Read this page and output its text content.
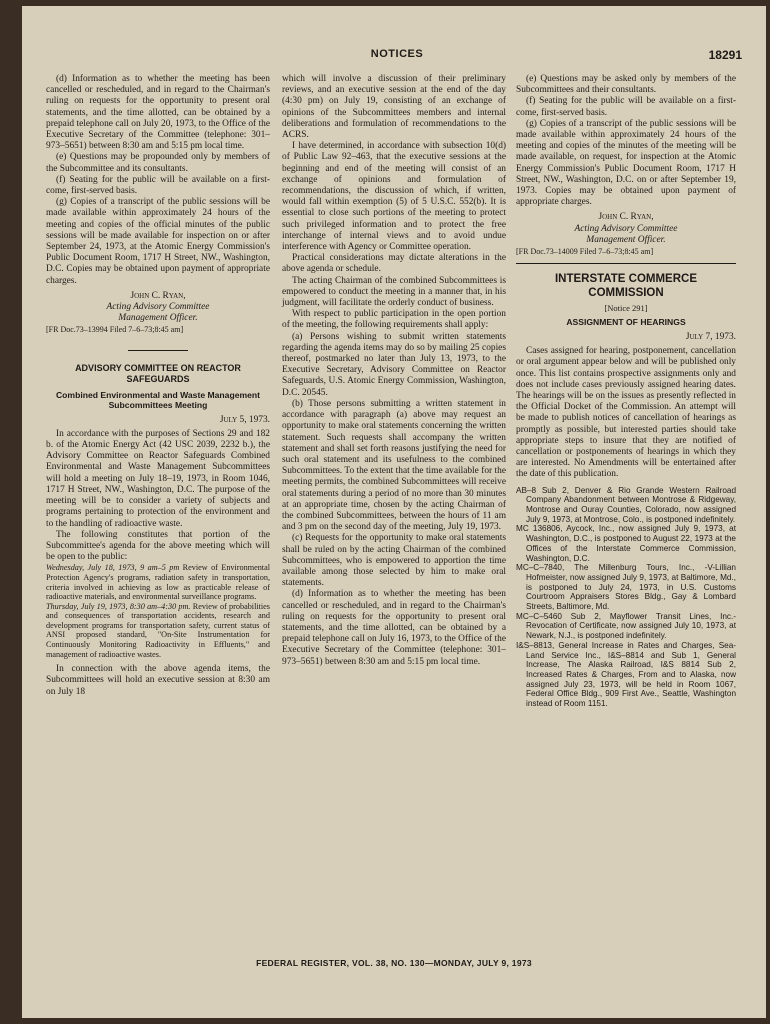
NOTICES	18291

(d) Information as to whether the meeting has been cancelled or rescheduled, and in regard to the Chairman's ruling on requests for the opportunity to present oral statements, and the time allotted, can be obtained by a prepaid telephone call on July 20, 1973, to the Office of the Executive Secretary of the Committee (telephone: 301–973–5651) between 8:30 am and 5:15 pm local time.

(e) Questions may be propounded only by members of the Subcommittee and its consultants.

(f) Seating for the public will be available on a first-come, first-served basis.

(g) Copies of a transcript of the public sessions will be made available within approximately 24 hours of the meeting and copies of the official minutes of the public sessions will be made available for inspection on or after September 24, 1973, at the Atomic Energy Commission's Public Document Room, 1717 H Street, NW., Washington, D.C. Copies may be obtained upon payment of appropriate charges.

John C. Ryan,
Acting Advisory Committee
Management Officer.

[FR Doc.73–13994 Filed 7–6–73;8:45 am]

ADVISORY COMMITTEE ON REACTOR SAFEGUARDS
Combined Environmental and Waste Management Subcommittees Meeting
July 5, 1973.

In accordance with the purposes of Sections 29 and 182 b. of the Atomic Energy Act (42 USC 2039, 2232 b.), the Advisory Committee on Reactor Safeguards Combined Environmental and Waste Management Subcommittees will hold a meeting on July 18–19, 1973, in Room 1046, 1717 H Street, NW., Washington, D.C. The purpose of the meeting will be to consider a variety of subjects and programs pertaining to protection of the environment and to the handling of radioactive waste.

The following constitutes that portion of the Subcommittee's agenda for the above meeting which will be open to the public:

Wednesday, July 18, 1973, 9 am–5 pm Review of Environmental Protection Agency's programs, radiation safety in transportation, criteria involved in achieving as low as practicable release of radioactive materials, and environmental surveillance programs.

Thursday, July 19, 1973, 8:30 am–4:30 pm. Review of probabilities and consequences of transportation accidents, research and development programs for transportation safety, current status of ANSI proposed standard, "On-Site Instrumentation for Continuously Monitoring Radioactivity in Effluents," and management of radioactive wastes.

In connection with the above agenda items, the Subcommittees will hold an executive session at 8:30 am on July 18

which will involve a discussion of their preliminary reviews, and an executive session at the end of the day (4:30 pm) on July 19, consisting of an exchange of opinions of the Subcommittees members and internal deliberations and formulation of recommendations to the ACRS.

I have determined, in accordance with subsection 10(d) of Public Law 92–463, that the executive sessions at the beginning and end of the meeting will consist of an exchange of opinions and formulation of recommendations, the discussion of which, if written, would fall within exemption (5) of 5 U.S.C. 552(b). It is essential to close such portions of the meeting to protect such privileged information and to protect the free interchange of internal views and to avoid undue interference with Agency or Committee operation.

Practical considerations may dictate alterations in the above agenda or schedule.

The acting Chairman of the combined Subcommittees is empowered to conduct the meeting in a manner that, in his judgment, will facilitate the orderly conduct of business.

With respect to public participation in the open portion of the meeting, the following requirements shall apply:

(a) Persons wishing to submit written statements regarding the agenda items may do so by mailing 25 copies thereof, postmarked no later than July 13, 1973, to the Executive Secretary, Advisory Committee on Reactor Safeguards, U.S. Atomic Energy Commission, Washington, D.C. 20545.

(b) Those persons submitting a written statement in accordance with paragraph (a) above may request an opportunity to make oral statements concerning the written statement. Such requests shall accompany the written statement and shall set forth reasons justifying the need for such oral statement and its usefulness to the combined Subcommittees. To the extent that the time available for the meeting permits, the combined Subcommittees will receive oral statements during a period of no more than 30 minutes at an appropriate time, chosen by the acting Chairman of the combined Subcommittees, between the hours of 11 am and 3 pm on the second day of the meeting, July 19, 1973.

(c) Requests for the opportunity to make oral statements shall be ruled on by the acting Chairman of the combined Subcommittees, who is empowered to apportion the time available among those selected by him to make oral statements.

(d) Information as to whether the meeting has been cancelled or rescheduled, and in regard to the Chairman's ruling on requests for the opportunity to present oral statements, and the time allotted, can be obtained by a prepaid telephone call on July 16, 1973, to the Office of the Executive Secretary of the Committee (telephone: 301–973–5651) between 8:30 am and 5:15 pm local time.

(e) Questions may be asked only by members of the Subcommittees and their consultants.

(f) Seating for the public will be available on a first-come, first-served basis.

(g) Copies of a transcript of the public sessions will be made available within approximately 24 hours of the meeting and copies of the minutes of the meeting will be made available, on request, for inspection at the Atomic Energy Commission's Public Document Room, 1717 H Street, NW., Washington, D.C. on or after September 19, 1973. Copies may be obtained upon payment of appropriate charges.

John C. Ryan,
Acting Advisory Committee
Management Officer.

[FR Doc.73–14009 Filed 7–6–73;8:45 am]

INTERSTATE COMMERCE COMMISSION
[Notice 291]
ASSIGNMENT OF HEARINGS
July 7, 1973.

Cases assigned for hearing, postponement, cancellation or oral argument appear below and will be published only once. This list contains prospective assignments only and does not include cases previously assigned hearing dates. The hearings will be on the issues as presently reflected in the Official Docket of the Commission. An attempt will be made to publish notices of cancellation of hearings as promptly as possible, but interested parties should take appropriate steps to insure that they are notified of cancellation or postponements of hearings in which they are interested. No Amendments will be entertained after the date of this publication.

AB–8 Sub 2, Denver & Rio Grande Western Railroad Company Abandonment between Montrose & Ridgeway, Montrose and Ouray Counties, Colorado, now assigned July 9, 1973, at Montrose, Colo., is postponed indefinitely.

MC 136806, Aycock, Inc., now assigned July 9, 1973, at Washington, D.C., is postponed to August 22, 1973 at the Offices of the Interstate Commerce Commission, Washington, D.C.

MC–C–7840, The Millenburg Tours, Inc., -V-Lillian Hofmeister, now assigned July 9, 1973, at Baltimore, Md., is postponed to July 24, 1973, in U.S. Customs Courtroom Appraisers Stores Bldg., Gay & Lombard Streets, Baltimore, Md.

MC–C–5460 Sub 2, Mayflower Transit Lines, Inc.-Revocation of Certificate, now assigned July 10, 1973, at Newark, N.J., is postponed indefinitely.

I&S–8813, General Increase in Rates and Charges, Sea-Land Service Inc., I&S–8814 and Sub 1, General Increase, The Alaska Railroad, I&S 8814 Sub 2, Increased Rates & Charges, From and to Alaska, now assigned July 23, 1973, will be held in Room 1067, Federal Office Bldg., 909 First Ave., Seattle, Washington instead of Room 1151.

FEDERAL REGISTER, VOL. 38, NO. 130—MONDAY, JULY 9, 1973
